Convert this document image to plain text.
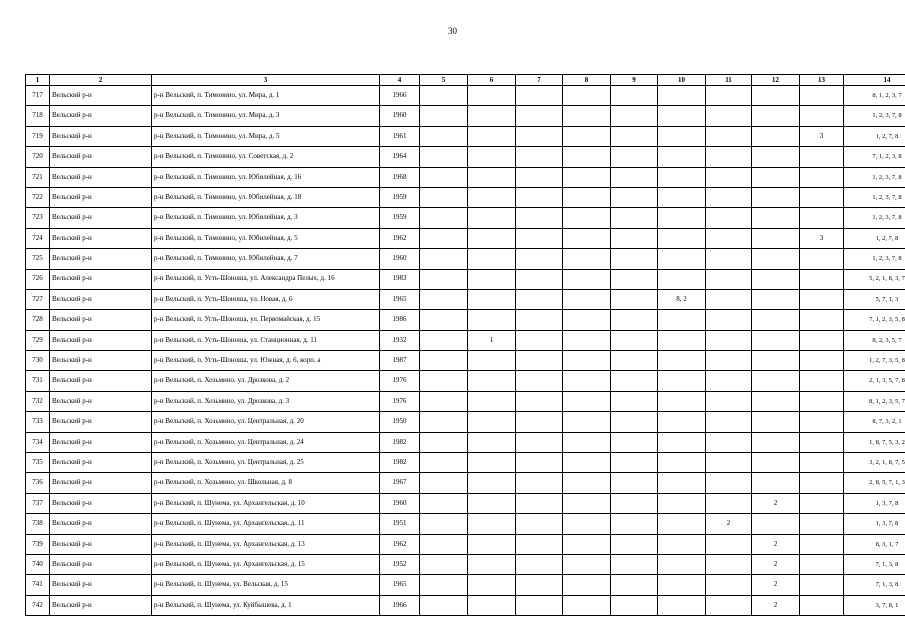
30
1	2	3	4	5	6	7	8	9	10	11	12	13	14
717	Вельский р-н	р-н Вельский, п. Тимонино, ул. Мира, д. 1	1966										8, 1, 2, 3, 7
718	Вельский р-н	р-н Вельский, п. Тимонино, ул. Мира, д. 3	1960										1, 2, 3, 7, 8
719	Вельский р-н	р-н Вельский, п. Тимонино, ул. Мира, д. 5	1961									3	1, 2, 7, 8
720	Вельский р-н	р-н Вельский, п. Тимонино, ул. Советская, д. 2	1964										7, 1, 2, 3, 8
721	Вельский р-н	р-н Вельский, п. Тимонино, ул. Юбилейная, д. 16	1968										1, 2, 3, 7, 8
722	Вельский р-н	р-н Вельский, п. Тимонино, ул. Юбилейная, д. 18	1959										1, 2, 3, 7, 8
723	Вельский р-н	р-н Вельский, п. Тимонино, ул. Юбилейная, д. 3	1959										1, 2, 3, 7, 8
724	Вельский р-н	р-н Вельский, п. Тимонино, ул. Юбилейная, д. 5	1962									3	1, 2, 7, 8
725	Вельский р-н	р-н Вельский, п. Тимонино, ул. Юбилейная, д. 7	1960										1, 2, 3, 7, 8
726	Вельский р-н	р-н Вельский, п. Усть-Шоноша, ул. Александра Пелых, д. 16	1983										5, 2, 1, 8, 3, 7
727	Вельский р-н	р-н Вельский, п. Усть-Шоноша, ул. Новая, д. 6	1965						8, 2				5, 7, 1, 3
728	Вельский р-н	р-н Вельский, п. Усть-Шоноша, ул. Первомайская, д. 15	1986										7, 1, 2, 3, 5, 8
729	Вельский р-н	р-н Вельский, п. Усть-Шоноша, ул. Станционная, д. 11	1932		1								8, 2, 3, 5, 7
730	Вельский р-н	р-н Вельский, п. Усть-Шоноша, ул. Южная, д. 6, корп. а	1987										1, 2, 7, 3, 5, 8
731	Вельский р-н	р-н Вельский, п. Хозьмино, ул. Дрозкова, д. 2	1976										2, 1, 3, 5, 7, 8
732	Вельский р-н	р-н Вельский, п. Хозьмино, ул. Дрозкова, д. 3	1976										8, 1, 2, 3, 5, 7
733	Вельский р-н	р-н Вельский, п. Хозьмино, ул. Центральная, д. 20	1950										8, 7, 3, 2, 1
734	Вельский р-н	р-н Вельский, п. Хозьмино, ул. Центральная, д. 24	1982										1, 8, 7, 5, 3, 2
735	Вельский р-н	р-н Вельский, п. Хозьмино, ул. Центральная, д. 25	1982										3, 2, 1, 8, 7, 5
736	Вельский р-н	р-н Вельский, п. Хозьмино, ул. Школьная, д. 8	1967										2, 8, 5, 7, 1, 3
737	Вельский р-н	р-н Вельский, п. Шунема, ул. Архангельская, д. 10	1960								2		1, 3, 7, 8
738	Вельский р-н	р-н Вельский, п. Шунема, ул. Архангельская, д. 11	1951							2			1, 3, 7, 8
739	Вельский р-н	р-н Вельский, п. Шунема, ул. Архангельская, д. 13	1962								2		8, 3, 1, 7
740	Вельский р-н	р-н Вельский, п. Шунема, ул. Архангельская, д. 15	1952								2		7, 1, 3, 8
741	Вельский р-н	р-н Вельский, п. Шунема, ул. Вельская, д. 15	1965								2		7, 1, 3, 8
742	Вельский р-н	р-н Вельский, п. Шунема, ул. Куйбышева, д. 1	1966								2		3, 7, 8, 1
